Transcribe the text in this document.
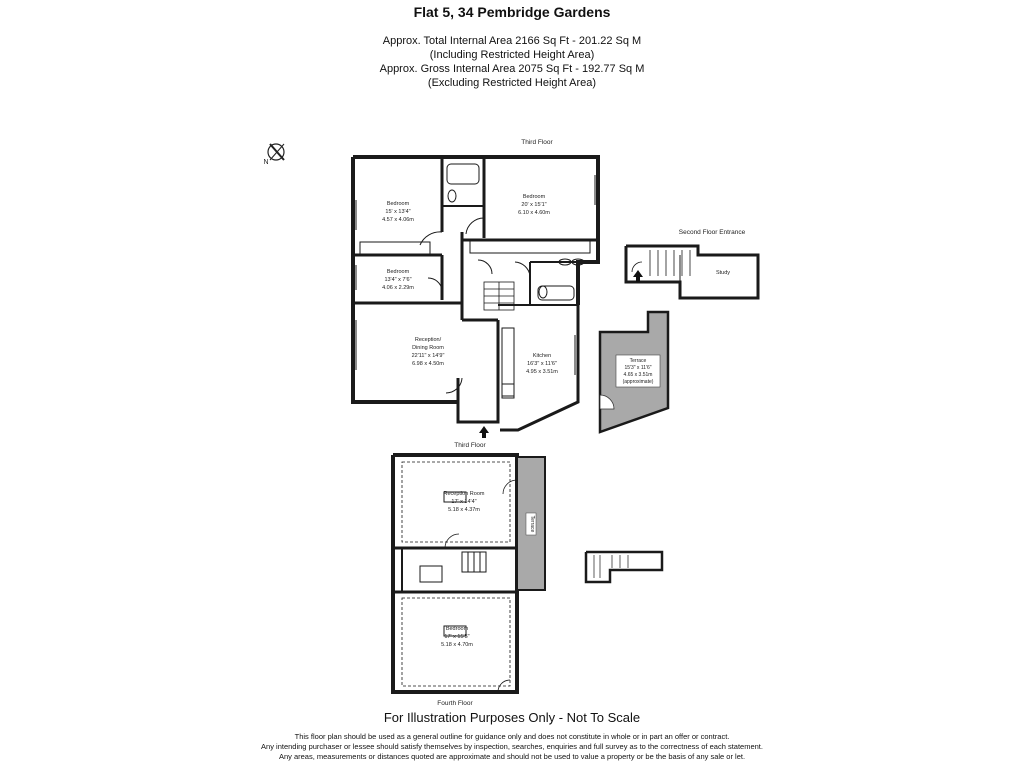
Flat 5, 34 Pembridge Gardens
Approx. Total Internal Area 2166 Sq Ft - 201.22 Sq M
(Including Restricted Height Area)
Approx. Gross Internal Area 2075 Sq Ft - 192.77 Sq M
(Excluding Restricted Height Area)
N
Third Floor
Second Floor Entrance
Third Floor
Fourth Floor
Bedroom
15' x 13'4"
4.57 x 4.06m
Bedroom
20' x 15'1"
6.10 x 4.60m
Bedroom
13'4" x 7'6"
4.06 x 2.29m
Reception/
Dining Room
22'11" x 14'9"
6.98 x 4.50m
Kitchen
16'3" x 11'6"
4.95 x 3.51m
Terrace
15'3" x 11'6"
4.65 x 3.51m
(approximate)
Study
Reception Room
17' x 14'4"
5.18 x 4.37m
Terrace
Bedroom
17' x 15'5"
5.18 x 4.70m
For Illustration Purposes Only - Not To Scale
This floor plan should be used as a general outline for guidance only and does not constitute in whole or in part an offer or contract.
Any intending purchaser or lessee should satisfy themselves by inspection, searches, enquiries and full survey as to the correctness of each statement.
Any areas, measurements or distances quoted are approximate and should not be used to value a property or be the basis of any sale or let.
